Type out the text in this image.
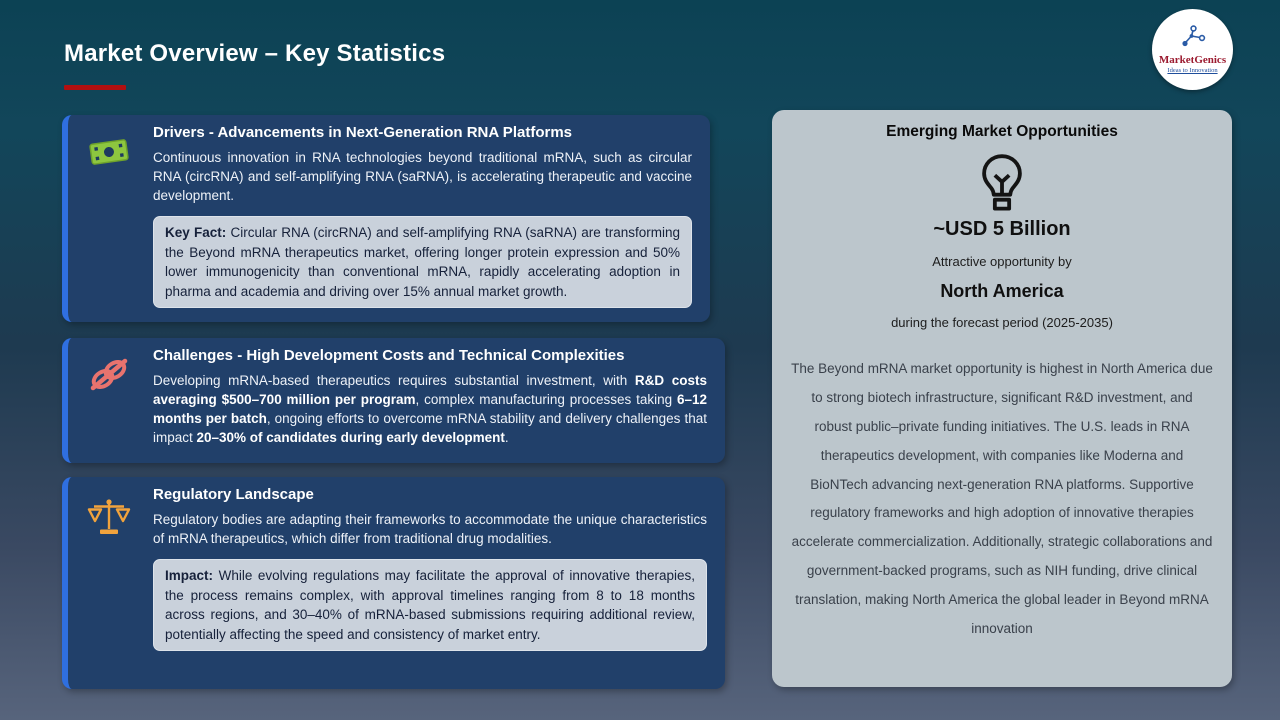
Market Overview – Key Statistics	MarketGenics
Ideas to Innovation
Drivers - Advancements in Next-Generation RNA Platforms
Continuous innovation in RNA technologies beyond traditional mRNA, such as circular RNA (circRNA) and self-amplifying RNA (saRNA), is accelerating therapeutic and vaccine development.
Key Fact: Circular RNA (circRNA) and self-amplifying RNA (saRNA) are transforming the Beyond mRNA therapeutics market, offering longer protein expression and 50% lower immunogenicity than conventional mRNA, rapidly accelerating adoption in pharma and academia and driving over 15% annual market growth.
Challenges - High Development Costs and Technical Complexities
Developing mRNA-based therapeutics requires substantial investment, with R&D costs averaging $500–700 million per program, complex manufacturing processes taking 6–12 months per batch, ongoing efforts to overcome mRNA stability and delivery challenges that impact 20–30% of candidates during early development.
Regulatory Landscape
Regulatory bodies are adapting their frameworks to accommodate the unique characteristics of mRNA therapeutics, which differ from traditional drug modalities.
Impact: While evolving regulations may facilitate the approval of innovative therapies, the process remains complex, with approval timelines ranging from 8 to 18 months across regions, and 30–40% of mRNA-based submissions requiring additional review, potentially affecting the speed and consistency of market entry.
Emerging Market Opportunities
~USD 5 Billion
Attractive opportunity by
North America
during the forecast period (2025-2035)
The Beyond mRNA market opportunity is highest in North America due to strong biotech infrastructure, significant R&D investment, and robust public–private funding initiatives. The U.S. leads in RNA therapeutics development, with companies like Moderna and BioNTech advancing next-generation RNA platforms. Supportive regulatory frameworks and high adoption of innovative therapies accelerate commercialization. Additionally, strategic collaborations and government-backed programs, such as NIH funding, drive clinical translation, making North America the global leader in Beyond mRNA innovation
